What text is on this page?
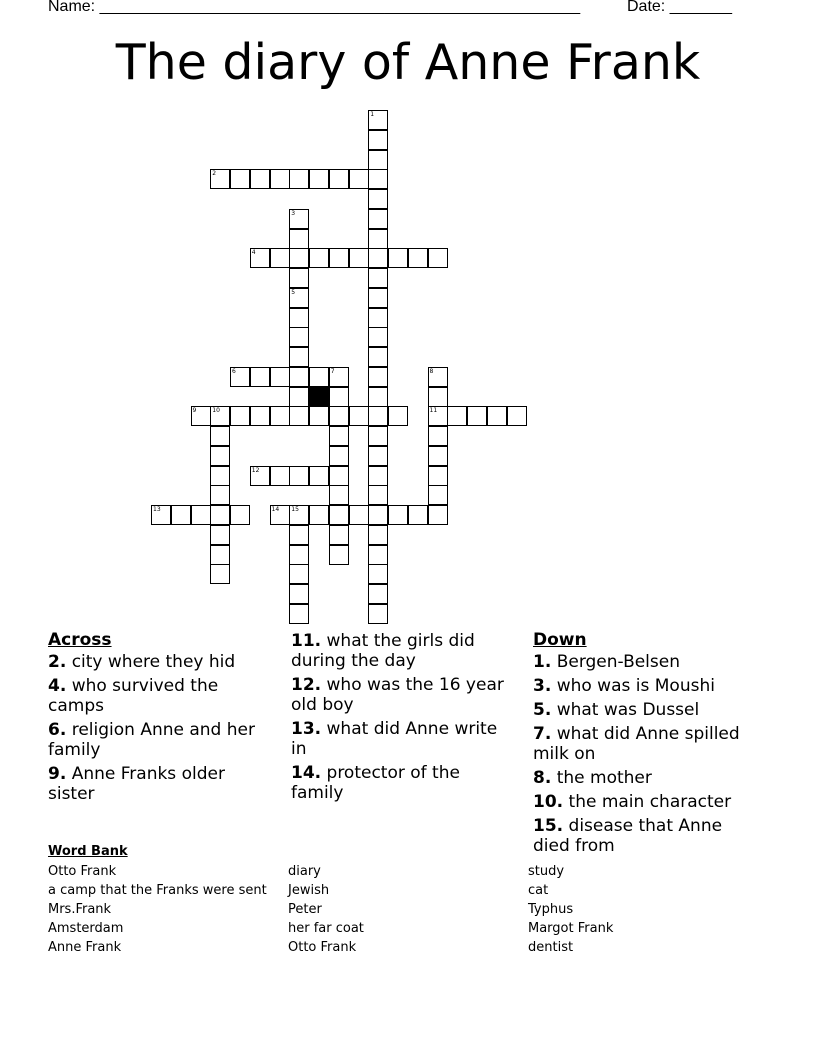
Name: ______________________________________________________	Date: _______
The diary of Anne Frank
1
2
3
5
4
6	7	8
11
9	10
12
13	14 15
Across
2. city where they hid
4. who survived the camps
6. religion Anne and her family
9. Anne Franks older sister
11. what the girls did during the day
12. who was the 16 year old boy
13. what did Anne write in
14. protector of the family
Down
1. Bergen-Belsen
3. who was is Moushi
5. what was Dussel
7. what did Anne spilled milk on
8. the mother
10. the main character
15. disease that Anne died from
Word Bank
Otto Frank
a camp that the Franks were sent
Mrs.Frank
Amsterdam
Anne Frank
diary
Jewish
Peter
her far coat
Otto Frank
study
cat
Typhus
Margot Frank
dentist
